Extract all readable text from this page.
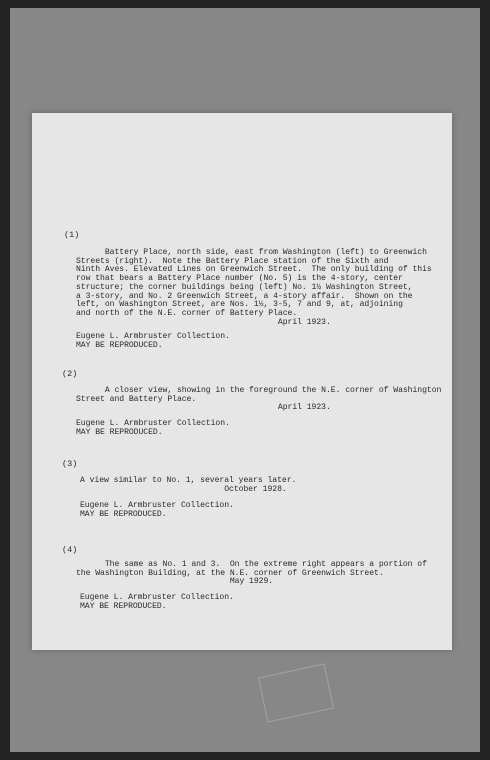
(1)
Battery Place, north side, east from Washington (left) to Greenwich
Streets (right).  Note the Battery Place station of the Sixth and
Ninth Aves. Elevated Lines on Greenwich Street.  The only building of this
row that bears a Battery Place number (No. 5) is the 4-story, center
structure; the corner buildings being (left) No. 1½ Washington Street,
a 3-story, and No. 2 Greenwich Street, a 4-story affair.  Shown on the
left, on Washington Street, are Nos. 1½, 3-5, 7 and 9, at, adjoining
and north of the N.E. corner of Battery Place.
April 1923.
Eugene L. Armbruster Collection.
MAY BE REPRODUCED.
(2)
A closer view, showing in the foreground the N.E. corner of Washington
Street and Battery Place.
April 1923.
Eugene L. Armbruster Collection.
MAY BE REPRODUCED.
(3)
A view similar to No. 1, several years later.
October 1928.
Eugene L. Armbruster Collection.
MAY BE REPRODUCED.
(4)
The same as No. 1 and 3.  On the extreme right appears a portion of
the Washington Building, at the N.E. corner of Greenwich Street.
May 1929.
Eugene L. Armbruster Collection.
MAY BE REPRODUCED.
